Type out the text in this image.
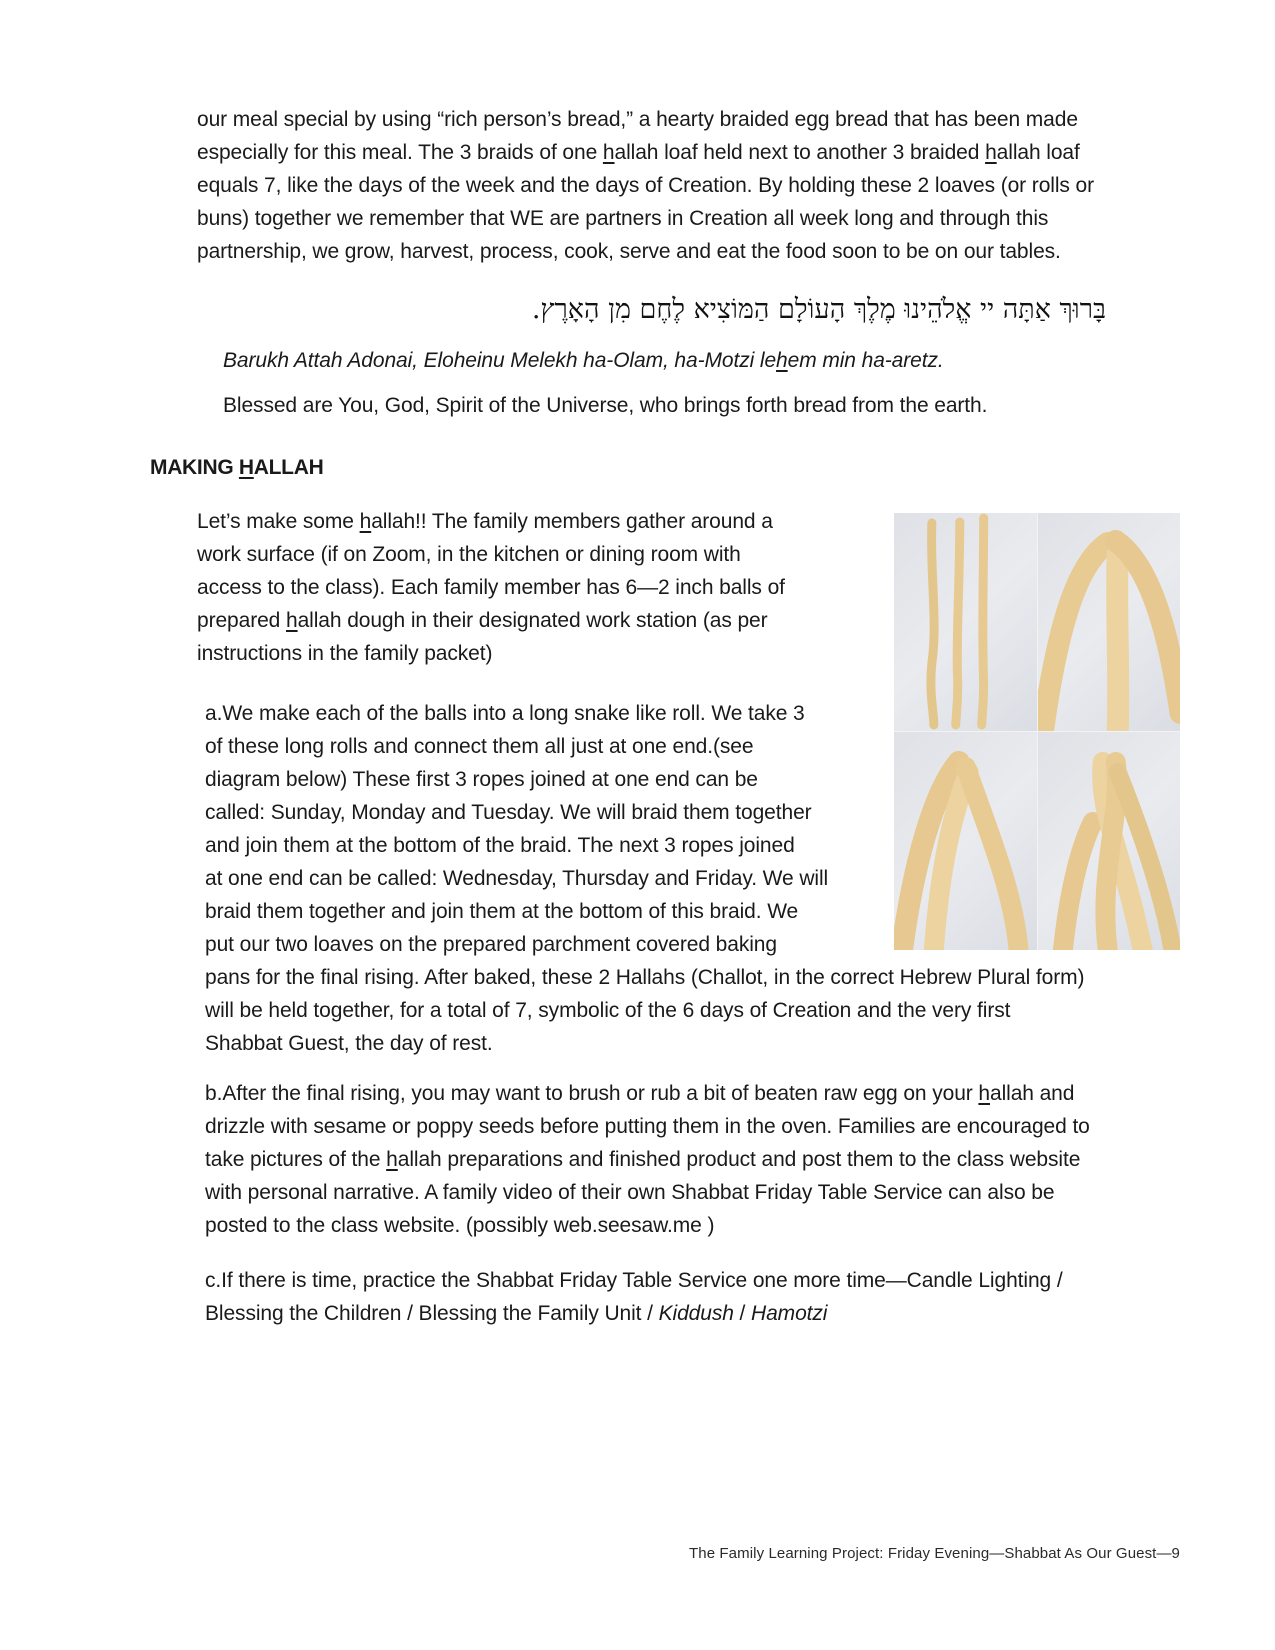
our meal special by using “rich person’s bread,” a hearty braided egg bread that has been made

especially for this meal. The 3 braids of one hallah loaf held next to another 3 braided hallah loaf

equals 7, like the days of the week and the days of Creation. By holding these 2 loaves (or rolls or

buns) together we remember that WE are partners in Creation all week long and through this

partnership, we grow, harvest, process, cook, serve and eat the food soon to be on our tables.

בָּרוּךְ אַתָּה יי אֱלֹהֵינוּ מֶלֶךְ הָעוֹלָם הַמּוֹצִיא לֶחֶם מִן הָאָרֶץ.
Barukh Attah Adonai, Eloheinu Melekh ha-Olam, ha-Motzi lehem min ha-aretz.
Blessed are You, God, Spirit of the Universe, who brings forth bread from the earth.
MAKING HALLAH

Let’s make some hallah!! The family members gather around a

work surface (if on Zoom, in the kitchen or dining room with

access to the class). Each family member has 6—2 inch balls of

prepared hallah dough in their designated work station (as per

instructions in the family packet)

a.We make each of the balls into a long snake like roll. We take 3

of these long rolls and connect them all just at one end.(see

diagram below) These first 3 ropes joined at one end can be

called: Sunday, Monday and Tuesday. We will braid them together

and join them at the bottom of the braid. The next 3 ropes joined

at one end can be called: Wednesday, Thursday and Friday. We will

braid them together and join them at the bottom of this braid. We

put our two loaves on the prepared parchment covered baking

pans for the final rising. After baked, these 2 Hallahs (Challot, in the correct Hebrew Plural form)

will be held together, for a total of 7, symbolic of the 6 days of Creation and the very first

Shabbat Guest, the day of rest.

b.After the final rising, you may want to brush or rub a bit of beaten raw egg on your hallah and

drizzle with sesame or poppy seeds before putting them in the oven. Families are encouraged to

take pictures of the hallah preparations and finished product and post them to the class website

with personal narrative. A family video of their own Shabbat Friday Table Service can also be

posted to the class website. (possibly web.seesaw.me )

c.If there is time, practice the Shabbat Friday Table Service one more time—Candle Lighting /

Blessing the Children / Blessing the Family Unit / Kiddush / Hamotzi

The Family Learning Project: Friday Evening—Shabbat As Our Guest—9
